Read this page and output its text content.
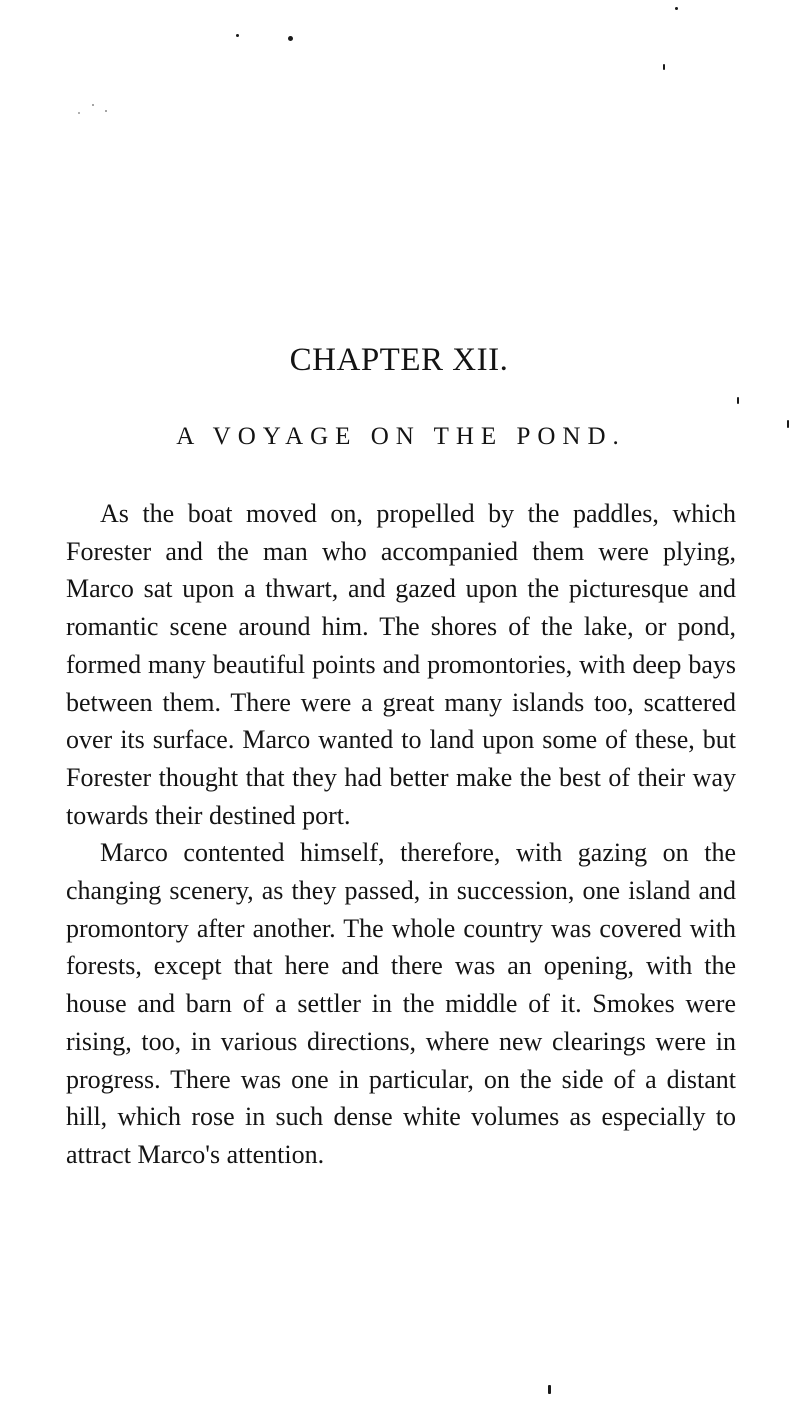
CHAPTER XII.
A VOYAGE ON THE POND.

As the boat moved on, propelled by the paddles, which Forester and the man who accompanied them were plying, Marco sat upon a thwart, and gazed upon the picturesque and romantic scene around him. The shores of the lake, or pond, formed many beautiful points and promontories, with deep bays between them. There were a great many islands too, scattered over its surface. Marco wanted to land upon some of these, but Forester thought that they had better make the best of their way towards their destined port.

Marco contented himself, therefore, with gazing on the changing scenery, as they passed, in succession, one island and promontory after another. The whole country was covered with forests, except that here and there was an opening, with the house and barn of a settler in the middle of it. Smokes were rising, too, in various directions, where new clearings were in progress. There was one in particular, on the side of a distant hill, which rose in such dense white volumes as especially to attract Marco's attention.
